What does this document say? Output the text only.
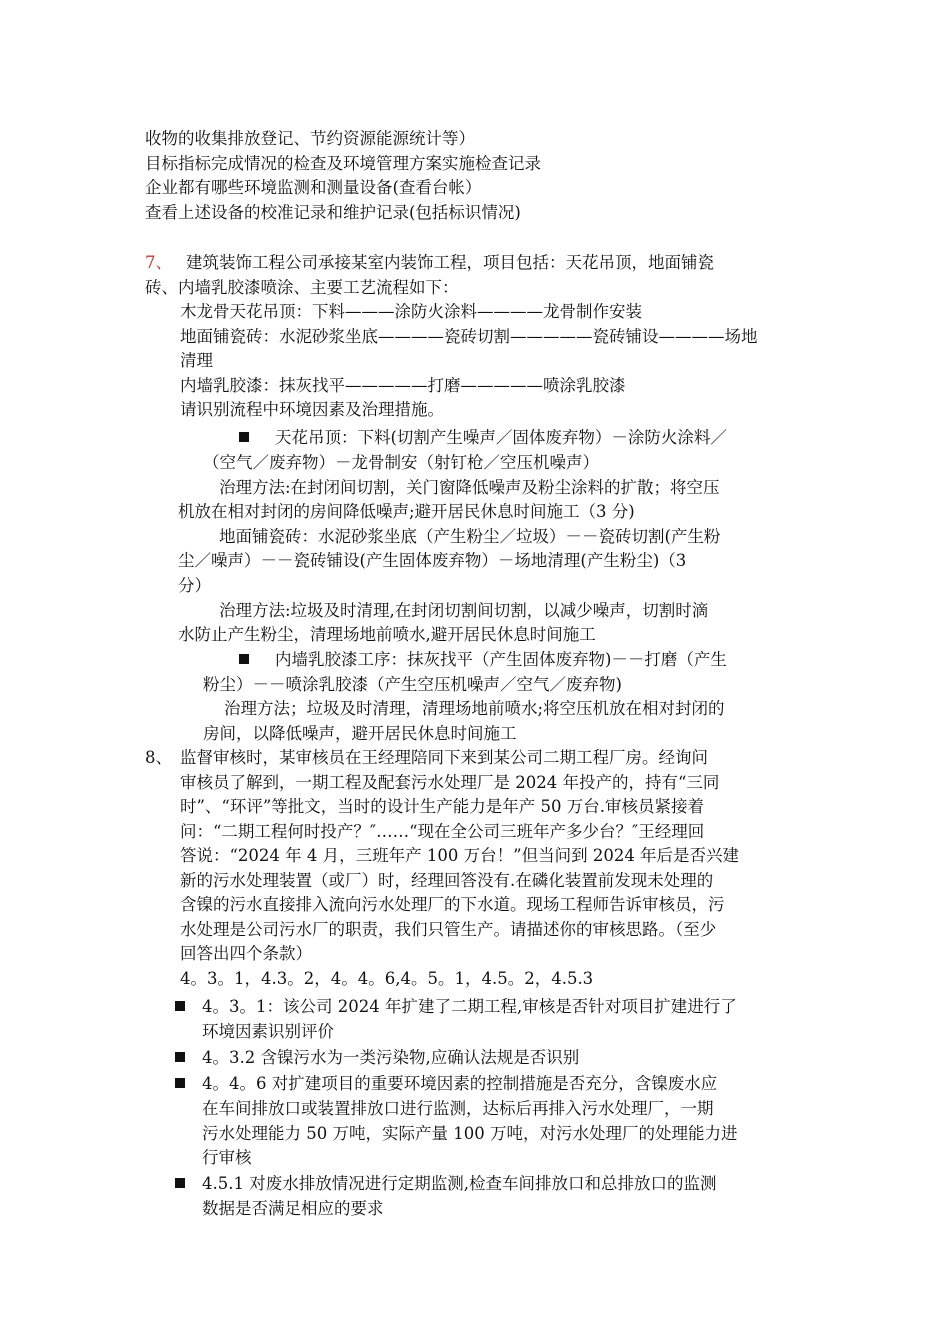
收物的收集排放登记、节约资源能源统计等）
目标指标完成情况的检查及环境管理方案实施检查记录
企业都有哪些环境监测和测量设备(查看台帐）
查看上述设备的校准记录和维护记录(包括标识情况)
7、 建筑装饰工程公司承接某室内装饰工程，项目包括：天花吊顶，地面铺瓷
砖、内墙乳胶漆喷涂、主要工艺流程如下：
木龙骨天花吊顶：下料———涂防火涂料————龙骨制作安装
地面铺瓷砖：水泥砂浆坐底————瓷砖切割—————瓷砖铺设————场地
清理
内墙乳胶漆：抹灰找平—————打磨—————喷涂乳胶漆
请识别流程中环境因素及治理措施。
天花吊顶：下料(切割产生噪声／固体废弃物）－涂防火涂料／
（空气／废弃物）－龙骨制安（射钉枪／空压机噪声）
治理方法:在封闭间切割，关门窗降低噪声及粉尘涂料的扩散；将空压
机放在相对封闭的房间降低噪声;避开居民休息时间施工（3 分)
地面铺瓷砖：水泥砂浆坐底（产生粉尘／垃圾）－－瓷砖切割(产生粉
尘／噪声）－－瓷砖铺设(产生固体废弃物）－场地清理(产生粉尘)（3
分）
治理方法:垃圾及时清理,在封闭切割间切割，以减少噪声，切割时滴
水防止产生粉尘，清理场地前喷水,避开居民休息时间施工
内墙乳胶漆工序：抹灰找平（产生固体废弃物)－－打磨（产生
粉尘）－－喷涂乳胶漆（产生空压机噪声／空气／废弃物)
治理方法；垃圾及时清理，清理场地前喷水;将空压机放在相对封闭的
房间，以降低噪声，避开居民休息时间施工
8、 监督审核时，某审核员在王经理陪同下来到某公司二期工程厂房。经询问
审核员了解到，一期工程及配套污水处理厂是 2024 年投产的，持有“三同
时”、“环评”等批文，当时的设计生产能力是年产 50 万台.审核员紧接着
问：“二期工程何时投产？″……“现在全公司三班年产多少台？″王经理回
答说：“2024 年 4 月，三班年产 100 万台！”但当问到 2024 年后是否兴建
新的污水处理装置（或厂）时，经理回答没有.在磷化装置前发现未处理的
含镍的污水直接排入流向污水处理厂的下水道。现场工程师告诉审核员，污
水处理是公司污水厂的职责，我们只管生产。请描述你的审核思路。（至少
回答出四个条款）
4。3。1，4.3。2，4。4。6,4。5。1，4.5。2，4.5.3
4。3。1：该公司 2024 年扩建了二期工程,审核是否针对项目扩建进行了
环境因素识别评价
4。3.2 含镍污水为一类污染物,应确认法规是否识别
4。4。6 对扩建项目的重要环境因素的控制措施是否充分，含镍废水应
在车间排放口或装置排放口进行监测，达标后再排入污水处理厂，一期
污水处理能力 50 万吨，实际产量 100 万吨，对污水处理厂的处理能力进
行审核
4.5.1 对废水排放情况进行定期监测,检查车间排放口和总排放口的监测
数据是否满足相应的要求
